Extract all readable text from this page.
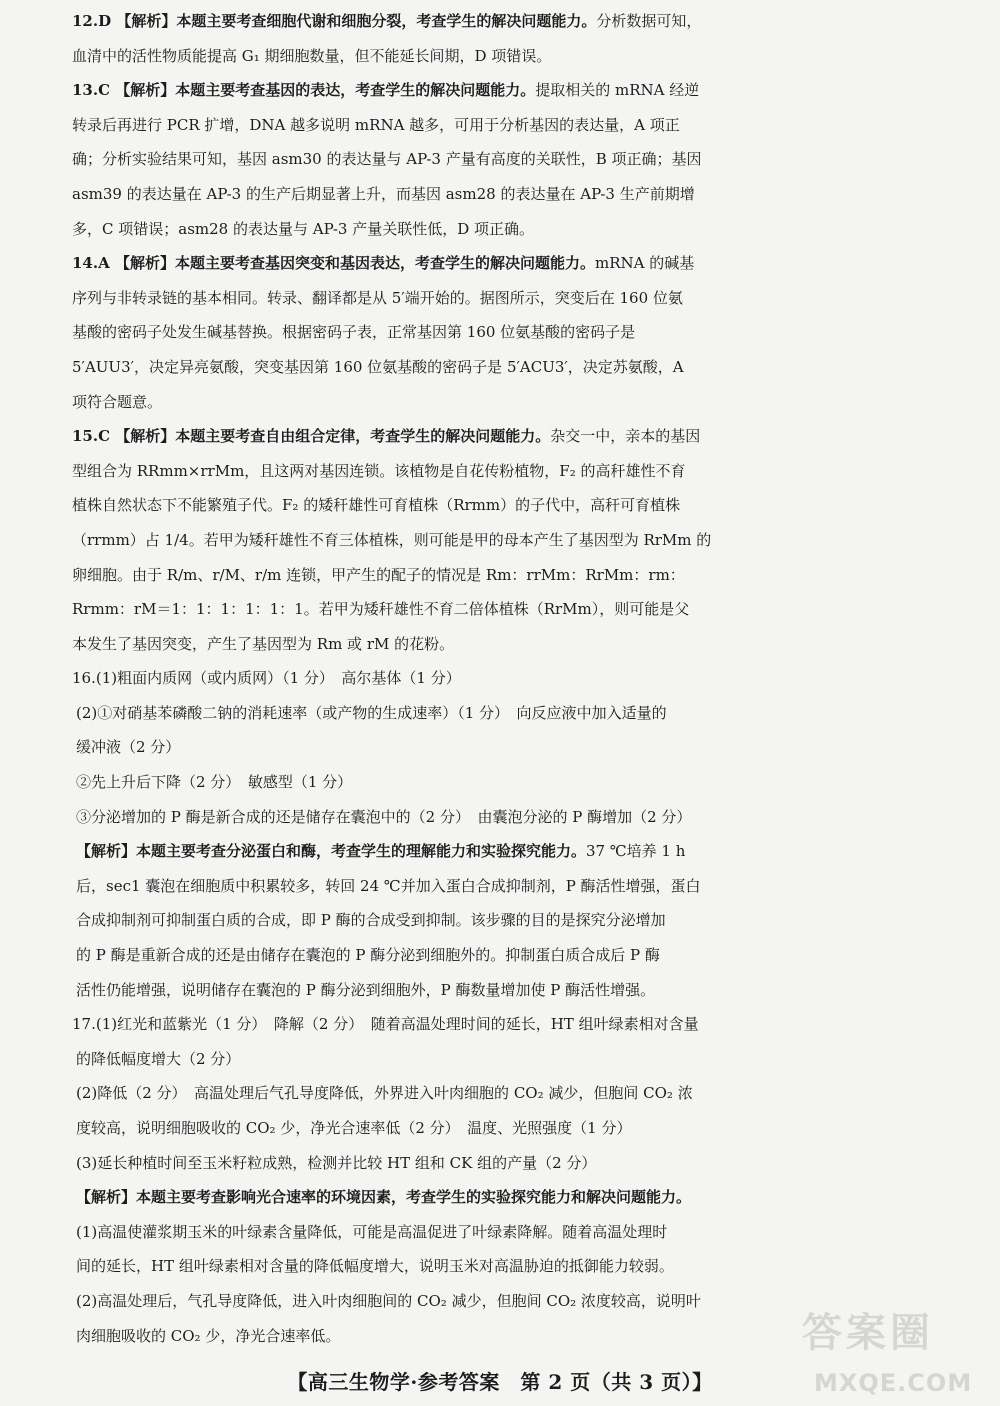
12.D 【解析】本题主要考查细胞代谢和细胞分裂，考查学生的解决问题能力。分析数据可知，
血清中的活性物质能提高 G₁ 期细胞数量，但不能延长间期，D 项错误。
13.C 【解析】本题主要考查基因的表达，考查学生的解决问题能力。提取相关的 mRNA 经逆
转录后再进行 PCR 扩增，DNA 越多说明 mRNA 越多，可用于分析基因的表达量，A 项正
确；分析实验结果可知，基因 asm30 的表达量与 AP-3 产量有高度的关联性，B 项正确；基因
asm39 的表达量在 AP-3 的生产后期显著上升，而基因 asm28 的表达量在 AP-3 生产前期增
多，C 项错误；asm28 的表达量与 AP-3 产量关联性低，D 项正确。
14.A 【解析】本题主要考查基因突变和基因表达，考查学生的解决问题能力。mRNA 的碱基
序列与非转录链的基本相同。转录、翻译都是从 5′端开始的。据图所示，突变后在 160 位氨
基酸的密码子处发生碱基替换。根据密码子表，正常基因第 160 位氨基酸的密码子是
5′AUU3′，决定异亮氨酸，突变基因第 160 位氨基酸的密码子是 5′ACU3′，决定苏氨酸，A
项符合题意。
15.C 【解析】本题主要考查自由组合定律，考查学生的解决问题能力。杂交一中，亲本的基因
型组合为 RRmm×rrMm，且这两对基因连锁。该植物是自花传粉植物，F₂ 的高秆雄性不育
植株自然状态下不能繁殖子代。F₂ 的矮秆雄性可育植株（Rrmm）的子代中，高秆可育植株
（rrmm）占 1/4。若甲为矮秆雄性不育三体植株，则可能是甲的母本产生了基因型为 RrMm 的
卵细胞。由于 R/m、r/M、r/m 连锁，甲产生的配子的情况是 Rm：rrMm：RrMm：rm：
Rrmm：rM＝1：1：1：1：1：1。若甲为矮秆雄性不育二倍体植株（RrMm），则可能是父
本发生了基因突变，产生了基因型为 Rm 或 rM 的花粉。
16.(1)粗面内质网（或内质网）（1 分）　高尔基体（1 分）
(2)①对硝基苯磷酸二钠的消耗速率（或产物的生成速率）（1 分）　向反应液中加入适量的
缓冲液（2 分）
②先上升后下降（2 分）　敏感型（1 分）
③分泌增加的 P 酶是新合成的还是储存在囊泡中的（2 分）　由囊泡分泌的 P 酶增加（2 分）
【解析】本题主要考查分泌蛋白和酶，考查学生的理解能力和实验探究能力。37 ℃培养 1 h
后，sec1 囊泡在细胞质中积累较多，转回 24 ℃并加入蛋白合成抑制剂，P 酶活性增强，蛋白
合成抑制剂可抑制蛋白质的合成，即 P 酶的合成受到抑制。该步骤的目的是探究分泌增加
的 P 酶是重新合成的还是由储存在囊泡的 P 酶分泌到细胞外的。抑制蛋白质合成后 P 酶
活性仍能增强，说明储存在囊泡的 P 酶分泌到细胞外，P 酶数量增加使 P 酶活性增强。
17.(1)红光和蓝紫光（1 分）　降解（2 分）　随着高温处理时间的延长，HT 组叶绿素相对含量
的降低幅度增大（2 分）
(2)降低（2 分）　高温处理后气孔导度降低，外界进入叶肉细胞的 CO₂ 减少，但胞间 CO₂ 浓
度较高，说明细胞吸收的 CO₂ 少，净光合速率低（2 分）　温度、光照强度（1 分）
(3)延长种植时间至玉米籽粒成熟，检测并比较 HT 组和 CK 组的产量（2 分）
【解析】本题主要考查影响光合速率的环境因素，考查学生的实验探究能力和解决问题能力。
(1)高温使灌浆期玉米的叶绿素含量降低，可能是高温促进了叶绿素降解。随着高温处理时
间的延长，HT 组叶绿素相对含量的降低幅度增大，说明玉米对高温胁迫的抵御能力较弱。
(2)高温处理后，气孔导度降低，进入叶肉细胞间的 CO₂ 减少，但胞间 CO₂ 浓度较高，说明叶
肉细胞吸收的 CO₂ 少，净光合速率低。
【高三生物学·参考答案　第 2 页（共 3 页）】
答案圈
MXQE.COM
